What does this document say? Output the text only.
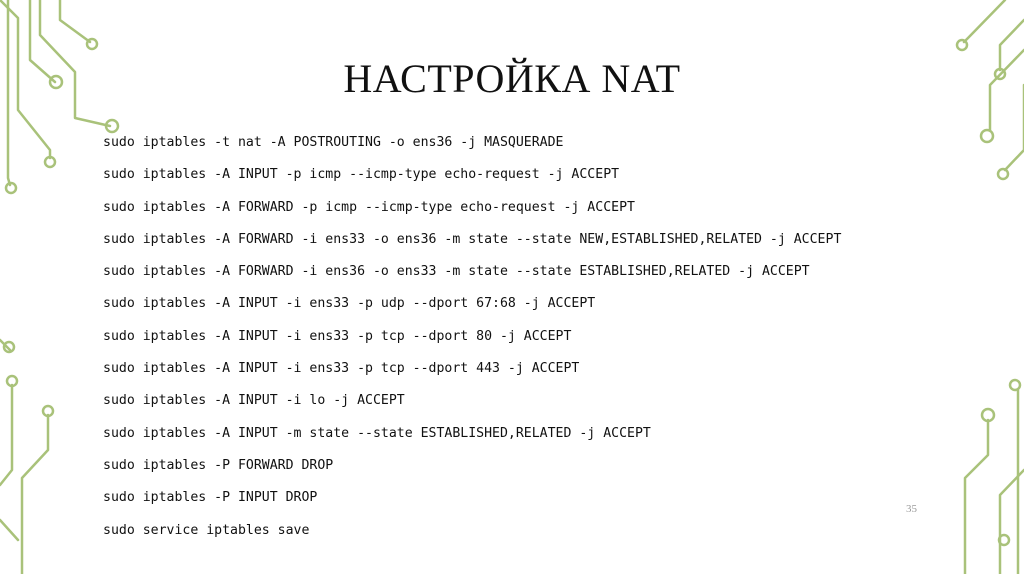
НАСТРОЙКА NAT
sudo iptables -t nat -A POSTROUTING -o ens36 -j MASQUERADE
sudo iptables -A INPUT -p icmp --icmp-type echo-request -j ACCEPT
sudo iptables -A FORWARD -p icmp --icmp-type echo-request -j ACCEPT
sudo iptables -A FORWARD -i ens33 -o ens36 -m state --state NEW,ESTABLISHED,RELATED -j ACCEPT
sudo iptables -A FORWARD -i ens36 -o ens33 -m state --state ESTABLISHED,RELATED -j ACCEPT
sudo iptables -A INPUT -i ens33 -p udp --dport 67:68 -j ACCEPT
sudo iptables -A INPUT -i ens33 -p tcp --dport 80 -j ACCEPT
sudo iptables -A INPUT -i ens33 -p tcp --dport 443 -j ACCEPT
sudo iptables -A INPUT -i lo -j ACCEPT
sudo iptables -A INPUT -m state --state ESTABLISHED,RELATED -j ACCEPT
sudo iptables -P FORWARD DROP
sudo iptables -P INPUT DROP
sudo service iptables save
35
